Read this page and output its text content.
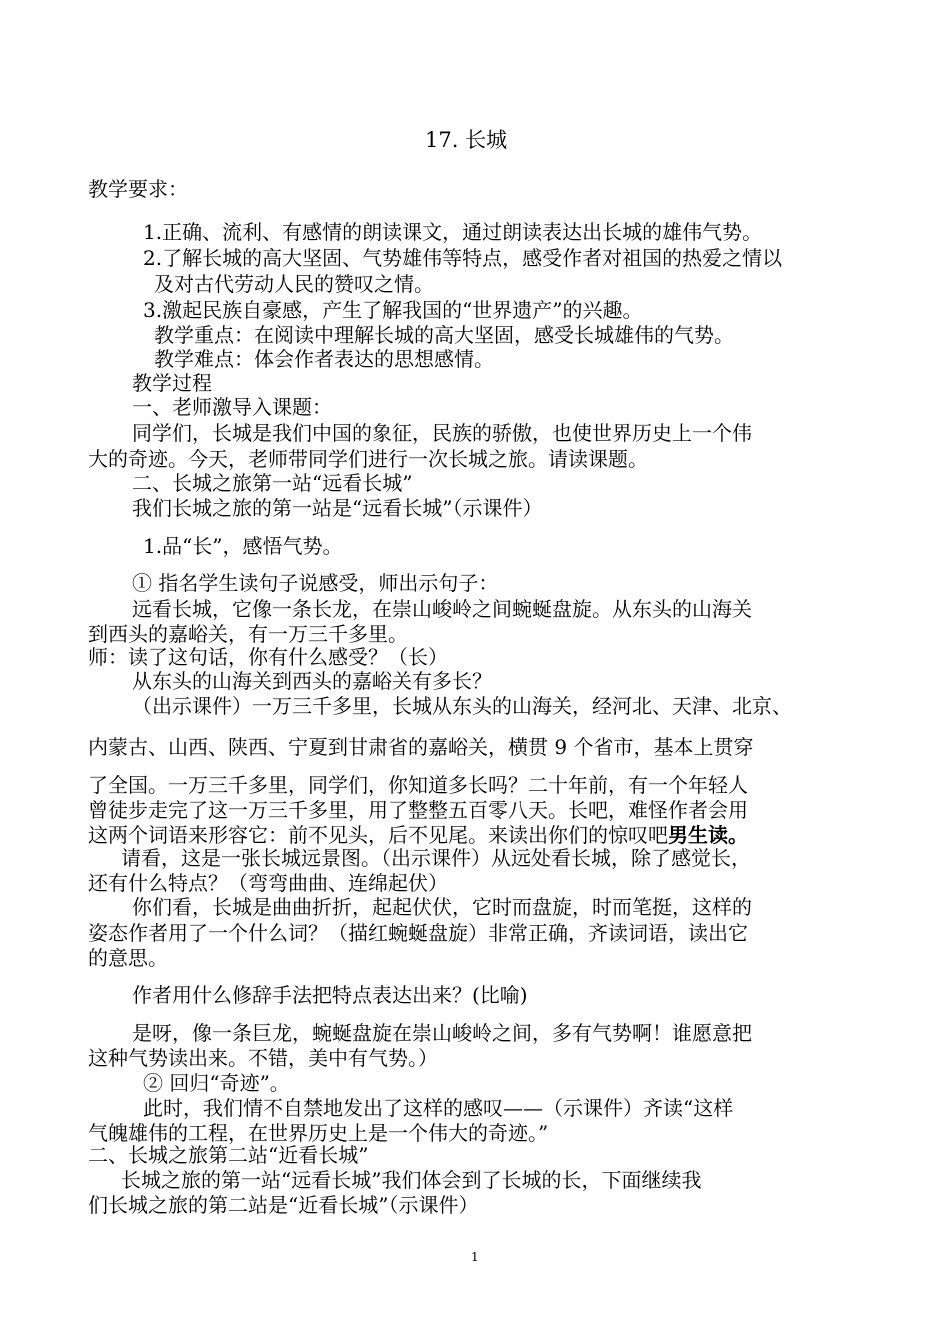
17. 长城
教学要求：
1.正确、流利、有感情的朗读课文，通过朗读表达出长城的雄伟气势。
2.了解长城的高大坚固、气势雄伟等特点，感受作者对祖国的热爱之情以
及对古代劳动人民的赞叹之情。
3.激起民族自豪感，产生了解我国的“世界遗产”的兴趣。
教学重点：在阅读中理解长城的高大坚固，感受长城雄伟的气势。
教学难点：体会作者表达的思想感情。
教学过程
一、老师激导入课题：
同学们，长城是我们中国的象征，民族的骄傲，也使世界历史上一个伟
大的奇迹。今天，老师带同学们进行一次长城之旅。请读课题。
二、长城之旅第一站“远看长城”
我们长城之旅的第一站是“远看长城”（示课件）
1.品“长”，感悟气势。
① 指名学生读句子说感受，师出示句子：
远看长城，它像一条长龙，在崇山峻岭之间蜿蜒盘旋。从东头的山海关
到西头的嘉峪关，有一万三千多里。
师：读了这句话，你有什么感受？（长）
从东头的山海关到西头的嘉峪关有多长？
（出示课件）一万三千多里，长城从东头的山海关，经河北、天津、北京、
内蒙古、山西、陕西、宁夏到甘肃省的嘉峪关，横贯 9 个省市，基本上贯穿
了全国。一万三千多里，同学们，你知道多长吗？二十年前，有一个年轻人
曾徒步走完了这一万三千多里，用了整整五百零八天。长吧，难怪作者会用
这两个词语来形容它：前不见头，后不见尾。来读出你们的惊叹吧男生读。
请看，这是一张长城远景图。（出示课件）从远处看长城，除了感觉长，
还有什么特点？（弯弯曲曲、连绵起伏）
你们看，长城是曲曲折折，起起伏伏，它时而盘旋，时而笔挺，这样的
姿态作者用了一个什么词？（描红蜿蜒盘旋）非常正确，齐读词语，读出它
的意思。
作者用什么修辞手法把特点表达出来？(比喻)
是呀，像一条巨龙，蜿蜒盘旋在崇山峻岭之间，多有气势啊！谁愿意把
这种气势读出来。不错，美中有气势。）
② 回归“奇迹”。
此时，我们情不自禁地发出了这样的感叹——（示课件）齐读“这样
气魄雄伟的工程，在世界历史上是一个伟大的奇迹。”
二、长城之旅第二站“近看长城”
长城之旅的第一站“远看长城”我们体会到了长城的长，下面继续我
们长城之旅的第二站是“近看长城”（示课件）
1
